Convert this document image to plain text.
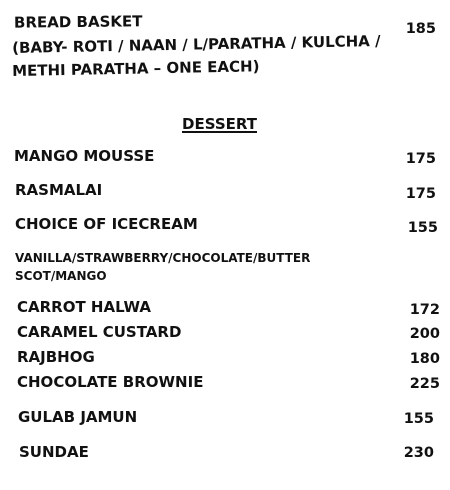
BREAD BASKET	185
(BABY- ROTI / NAAN / L/PARATHA / KULCHA /
METHI PARATHA – ONE EACH)
DESSERT
MANGO MOUSSE	175
RASMALAI	175
CHOICE OF ICECREAM	155
VANILLA/STRAWBERRY/CHOCOLATE/BUTTER
SCOT/MANGO
CARROT HALWA	172
CARAMEL CUSTARD	200
RAJBHOG	180
CHOCOLATE BROWNIE	225
GULAB JAMUN	155
SUNDAE	230
